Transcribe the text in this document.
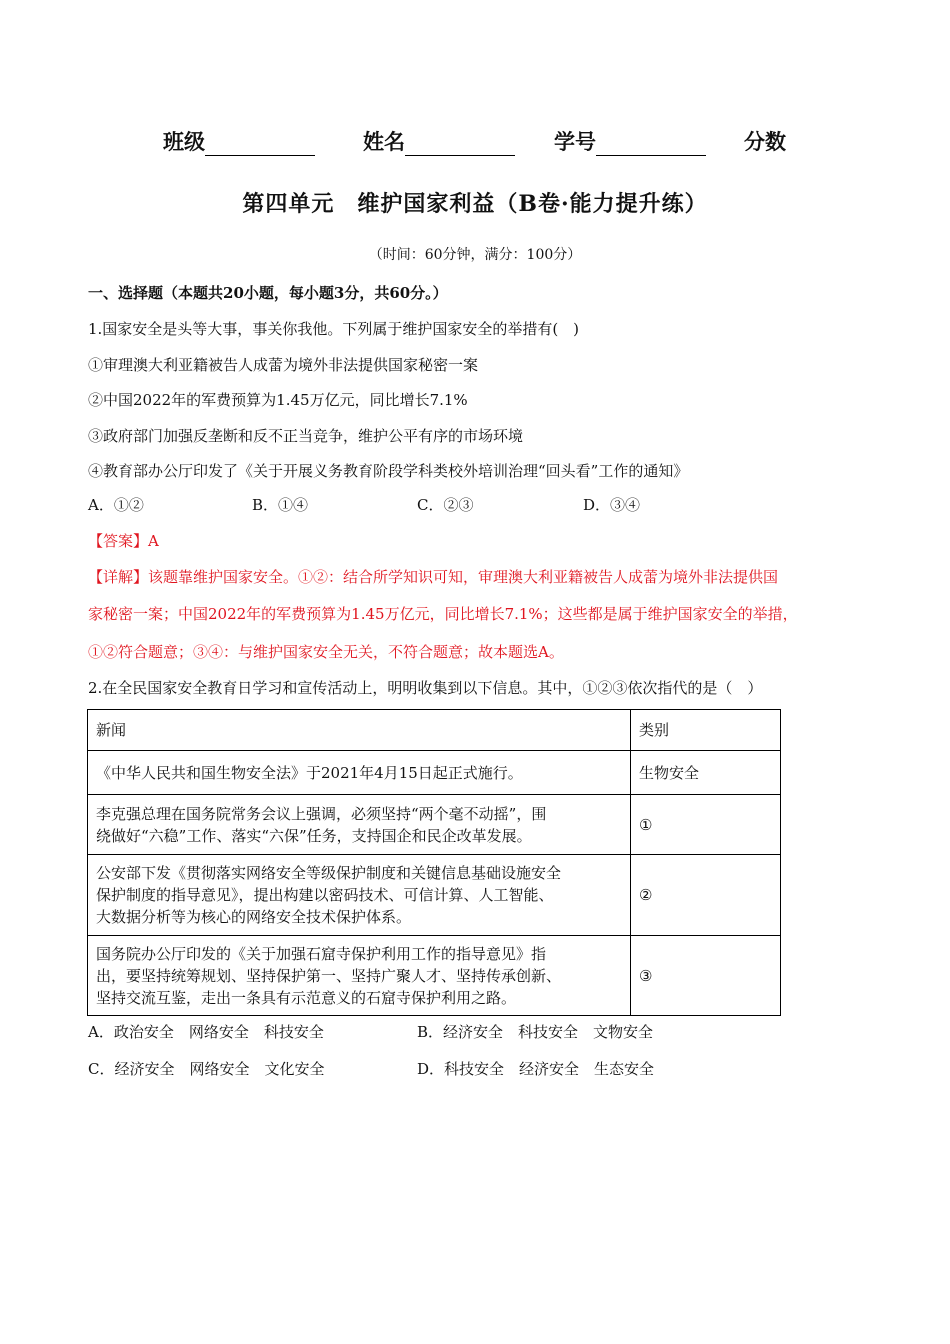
班级	姓名	学号	分数
第四单元　维护国家利益（B卷·能力提升练）
（时间：60分钟，满分：100分）
一、选择题（本题共20小题，每小题3分，共60分。）
1.国家安全是头等大事，事关你我他。下列属于维护国家安全的举措有(　)
①审理澳大利亚籍被告人成蕾为境外非法提供国家秘密一案
②中国2022年的军费预算为1.45万亿元，同比增长7.1%
③政府部门加强反垄断和反不正当竞争，维护公平有序的市场环境
④教育部办公厅印发了《关于开展义务教育阶段学科类校外培训治理“回头看”工作的通知》
A．①②	B．①④	C．②③	D．③④
【答案】A
【详解】该题靠维护国家安全。①②：结合所学知识可知，审理澳大利亚籍被告人成蕾为境外非法提供国
家秘密一案；中国2022年的军费预算为1.45万亿元，同比增长7.1%；这些都是属于维护国家安全的举措，
①②符合题意；③④：与维护国家安全无关，不符合题意；故本题选A。
2.在全民国家安全教育日学习和宣传活动上，明明收集到以下信息。其中，①②③依次指代的是（　）
新闻	类别

《中华人民共和国生物安全法》于2021年4月15日起正式施行。	生物安全

李克强总理在国务院常务会议上强调，必须坚持“两个毫不动摇”，围
绕做好“六稳”工作、落实“六保”任务，支持国企和民企改革发展。	①

公安部下发《贯彻落实网络安全等级保护制度和关键信息基础设施安全
保护制度的指导意见》，提出构建以密码技术、可信计算、人工智能、
大数据分析等为核心的网络安全技术保护体系。	②

国务院办公厅印发的《关于加强石窟寺保护利用工作的指导意见》指
出，要坚持统筹规划、坚持保护第一、坚持广聚人才、坚持传承创新、
坚持交流互鉴，走出一条具有示范意义的石窟寺保护利用之路。	③
A．政治安全　网络安全　科技安全	B．经济安全　科技安全　文物安全
C．经济安全　网络安全　文化安全	D．科技安全　经济安全　生态安全
